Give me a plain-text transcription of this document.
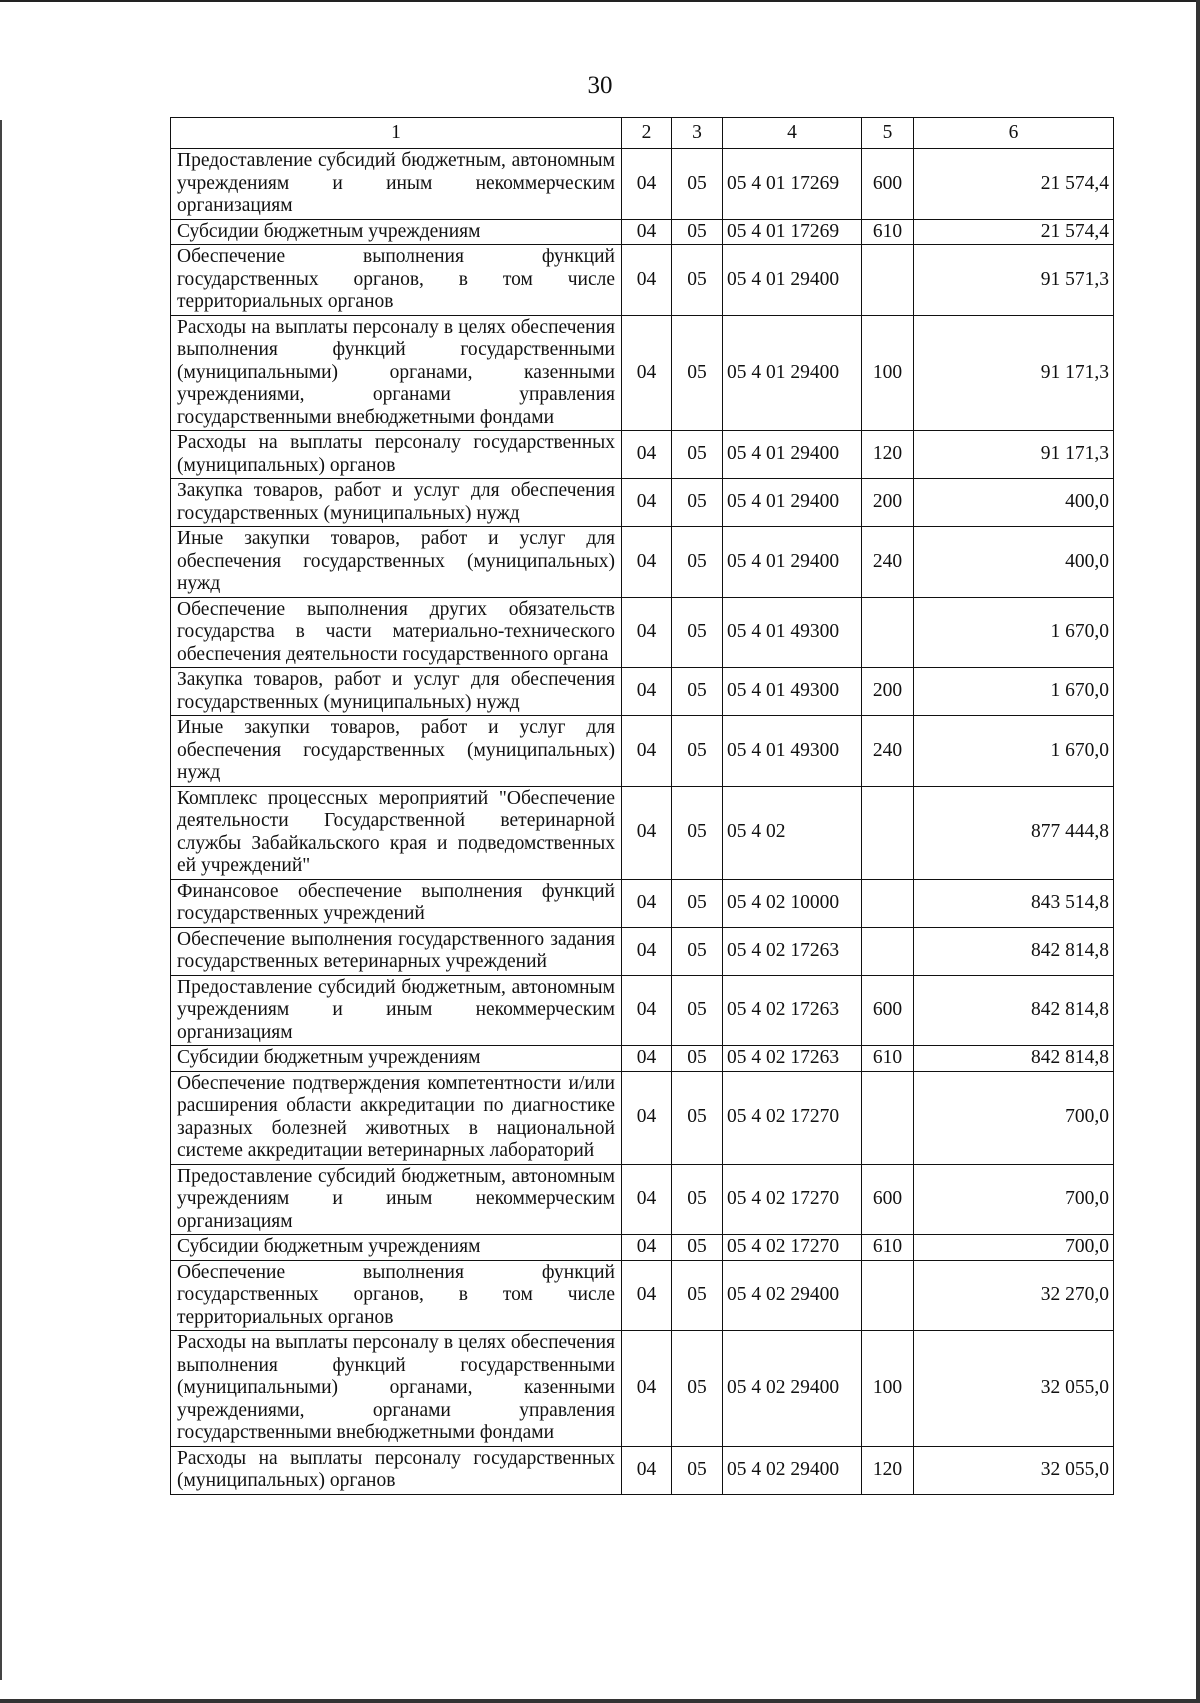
30
1	2	3	4	5	6
Предоставление субсидий бюджетным, автономным учреждениям и иным некоммерческим организациям	04	05	05 4 01 17269	600	21 574,4
Субсидии бюджетным учреждениям	04	05	05 4 01 17269	610	21 574,4
Обеспечение выполнения функций государственных органов, в том числе территориальных органов	04	05	05 4 01 29400		91 571,3
Расходы на выплаты персоналу в целях обеспечения выполнения функций государственными (муниципальными) органами, казенными учреждениями, органами управления государственными внебюджетными фондами	04	05	05 4 01 29400	100	91 171,3
Расходы на выплаты персоналу государственных (муниципальных) органов	04	05	05 4 01 29400	120	91 171,3
Закупка товаров, работ и услуг для обеспечения государственных (муниципальных) нужд	04	05	05 4 01 29400	200	400,0
Иные закупки товаров, работ и услуг для обеспечения государственных (муниципальных) нужд	04	05	05 4 01 29400	240	400,0
Обеспечение выполнения других обязательств государства в части материально-технического обеспечения деятельности государственного органа	04	05	05 4 01 49300		1 670,0
Закупка товаров, работ и услуг для обеспечения государственных (муниципальных) нужд	04	05	05 4 01 49300	200	1 670,0
Иные закупки товаров, работ и услуг для обеспечения государственных (муниципальных) нужд	04	05	05 4 01 49300	240	1 670,0
Комплекс процессных мероприятий "Обеспечение деятельности Государственной ветеринарной службы Забайкальского края и подведомственных ей учреждений"	04	05	05 4 02		877 444,8
Финансовое обеспечение выполнения функций государственных учреждений	04	05	05 4 02 10000		843 514,8
Обеспечение выполнения государственного задания государственных ветеринарных учреждений	04	05	05 4 02 17263		842 814,8
Предоставление субсидий бюджетным, автономным учреждениям и иным некоммерческим организациям	04	05	05 4 02 17263	600	842 814,8
Субсидии бюджетным учреждениям	04	05	05 4 02 17263	610	842 814,8
Обеспечение подтверждения компетентности и/или расширения области аккредитации по диагностике заразных болезней животных в национальной системе аккредитации ветеринарных лабораторий	04	05	05 4 02 17270		700,0
Предоставление субсидий бюджетным, автономным учреждениям и иным некоммерческим организациям	04	05	05 4 02 17270	600	700,0
Субсидии бюджетным учреждениям	04	05	05 4 02 17270	610	700,0
Обеспечение выполнения функций государственных органов, в том числе территориальных органов	04	05	05 4 02 29400		32 270,0
Расходы на выплаты персоналу в целях обеспечения выполнения функций государственными (муниципальными) органами, казенными учреждениями, органами управления государственными внебюджетными фондами	04	05	05 4 02 29400	100	32 055,0
Расходы на выплаты персоналу государственных (муниципальных) органов	04	05	05 4 02 29400	120	32 055,0
